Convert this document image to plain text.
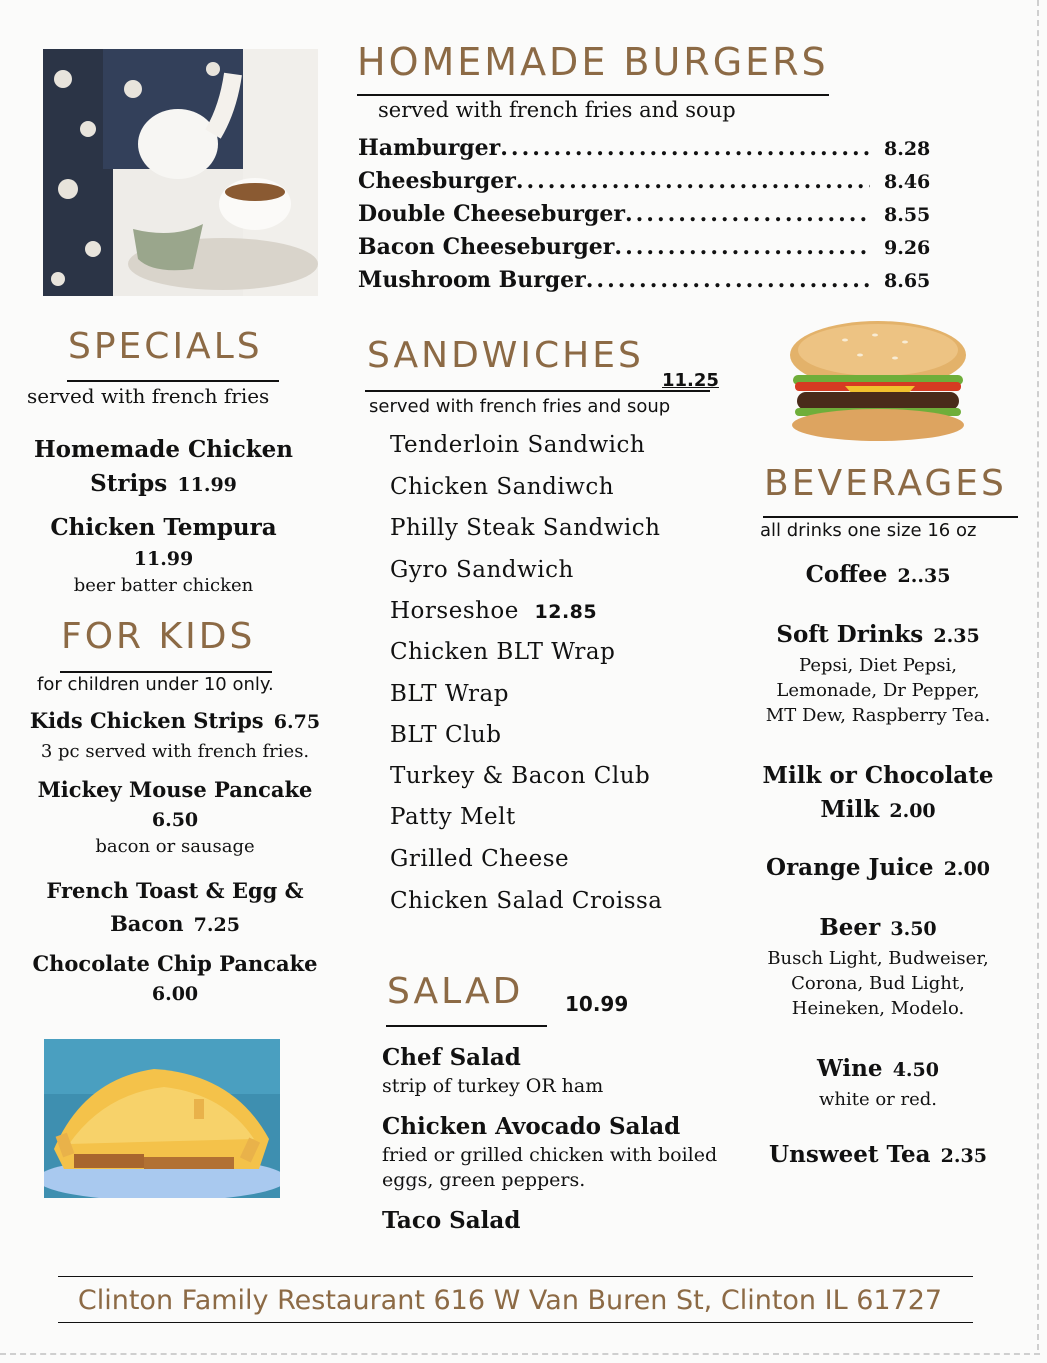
HOMEMADE BURGERS
served with french fries and soup
Hamburger .....	8.28
Cheesburger .....	8.46
Double Cheeseburger .....	8.55
Bacon Cheeseburger .....	9.26
Mushroom Burger .....	8.65
SPECIALS
served with french fries
Homemade Chicken
Strips 11.99
Chicken Tempura
11.99
beer batter chicken
FOR KIDS
for children under 10 only.
Kids Chicken Strips 6.75
3 pc served with french fries.
Mickey Mouse Pancake
6.50
bacon or sausage
French Toast & Egg &
Bacon 7.25
Chocolate Chip Pancake
6.00
SANDWICHES
11.25
served with french fries and soup
Tenderloin Sandwich
Chicken Sandiwch
Philly Steak Sandwich
Gyro Sandwich
Horseshoe 12.85
Chicken BLT Wrap
BLT Wrap
BLT Club
Turkey & Bacon Club
Patty Melt
Grilled Cheese
Chicken Salad Croissa
SALAD 10.99
Chef Salad
strip of turkey OR ham
Chicken Avocado Salad
fried or grilled chicken with boiled
eggs, green peppers.
Taco Salad
BEVERAGES
all drinks one size 16 oz
Coffee 2..35
Soft Drinks 2.35
Pepsi, Diet Pepsi,
Lemonade, Dr Pepper,
MT Dew, Raspberry Tea.
Milk or Chocolate
Milk 2.00
Orange Juice 2.00
Beer 3.50
Busch Light, Budweiser,
Corona, Bud Light,
Heineken, Modelo.
Wine 4.50
white or red.
Unsweet Tea 2.35
Clinton Family Restaurant 616 W Van Buren St, Clinton IL 61727
